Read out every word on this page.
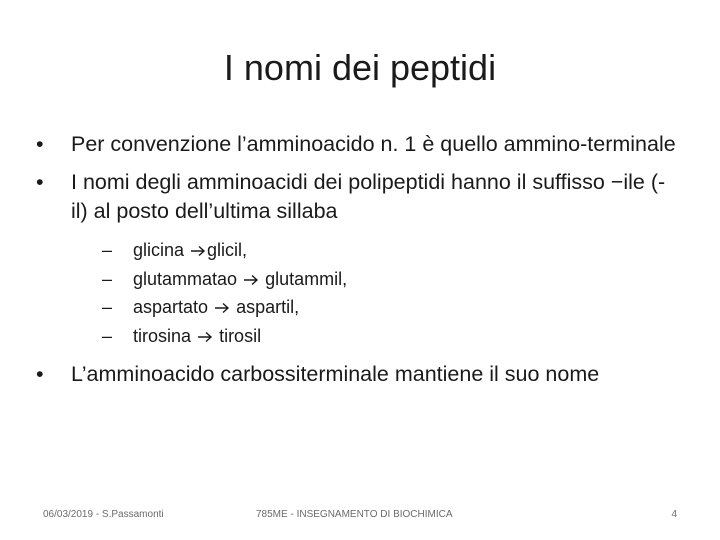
I nomi dei peptidi
•	Per convenzione l’amminoacido n. 1 è quello ammino-terminale
•	I nomi degli amminoacidi dei polipeptidi hanno il suffisso −ile (-il) al posto dell’ultima sillaba
– glicina glicil,
– glutammatao glutammil,
– aspartato aspartil,
– tirosina tirosil
•	L’amminoacido carbossiterminale mantiene il suo nome
06/03/2019 - S.Passamonti	785ME - INSEGNAMENTO DI BIOCHIMICA	4
